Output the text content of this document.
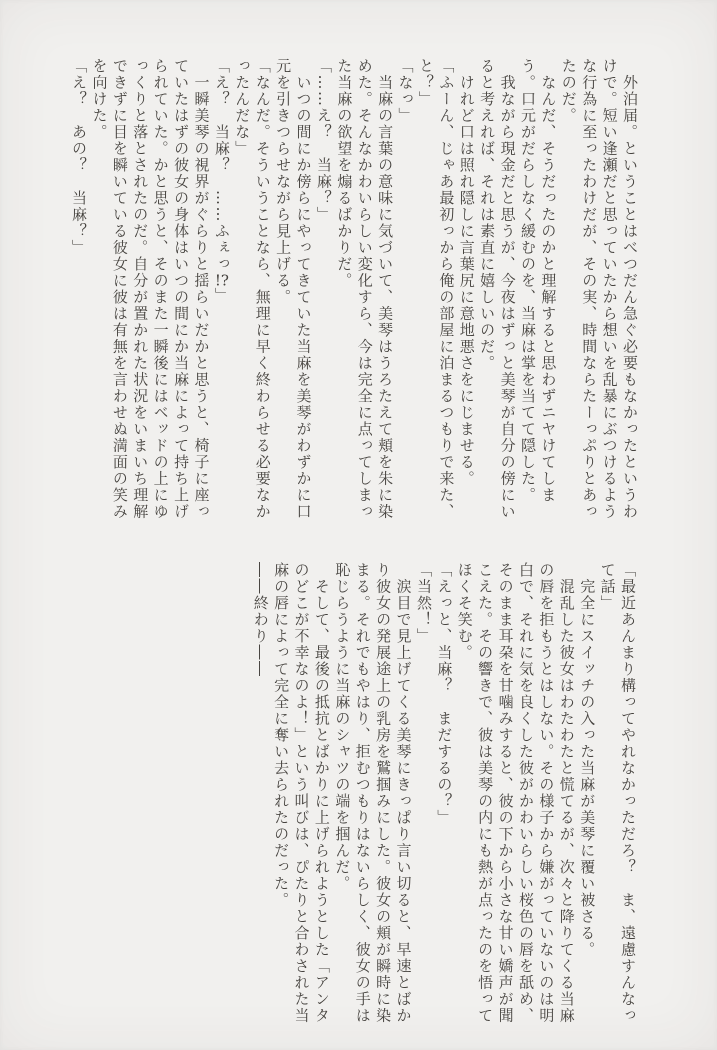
　外泊届。ということはべつだん急ぐ必要もなかったというわけで。短い逢瀬だと思っていたから想いを乱暴にぶつけるような行為に至ったわけだが、その実、時間ならたーっぷりとあったのだ。

　なんだ、そうだったのかと理解すると思わずニヤけてしまう。口元がだらしなく緩むのを、当麻は掌を当てて隠した。

　我ながら現金だと思うが、今夜はずっと美琴が自分の傍にいると考えれば、それは素直に嬉しいのだ。

　けれど口は照れ隠しに言葉尻に意地悪さをにじませる。

「ふーん、じゃあ最初っから俺の部屋に泊まるつもりで来た、と？」

「なっ」

　当麻の言葉の意味に気づいて、美琴はうろたえて頬を朱に染めた。そんなかわいらしい変化すら、今は完全に点ってしまった当麻の欲望を煽るばかりだ。

「……え？　当麻？」

　いつの間にか傍らにやってきていた当麻を美琴がわずかに口元を引きつらせながら見上げる。

「なんだ。そういうことなら、無理に早く終わらせる必要なかったんだな」

「え？　当麻？　……ふぇっ!?」

　一瞬美琴の視界がぐらりと揺らいだかと思うと、椅子に座っていたはずの彼女の身体はいつの間にか当麻によって持ち上げられていた。かと思うと、そのまた一瞬後にはベッドの上にゆっくりと落とされたのだ。自分が置かれた状況をいまいち理解できずに目を瞬いている彼女に彼は有無を言わせぬ満面の笑みを向けた。

「え？　あの？　当麻？」

「最近あんまり構ってやれなかっただろ？　ま、遠慮すんなって話」

　完全にスイッチの入った当麻が美琴に覆い被さる。

　混乱した彼女はわたわたと慌てるが、次々と降りてくる当麻の唇を拒もうとはしない。その様子から嫌がっていないのは明白で、それに気を良くした彼がかわいらしい桜色の唇を舐め、そのまま耳朶を甘噛みすると、彼の下から小さな甘い嬌声が聞こえた。その響きで、彼は美琴の内にも熱が点ったのを悟ってほくそ笑む。

「えっと、当麻？　まだするの？」

「当然！」

　涙目で見上げてくる美琴にきっぱり言い切ると、早速とばかり彼女の発展途上の乳房を鷲掴みにした。彼女の頬が瞬時に染まる。それでもやはり、拒むつもりはないらしく、彼女の手は恥じらうように当麻のシャツの端を掴んだ。

　そして、最後の抵抗とばかりに上げられようとした「アンタのどこが不幸なのよ！」という叫びは、ぴたりと合わされた当麻の唇によって完全に奪い去られたのだった。

――終わり――
